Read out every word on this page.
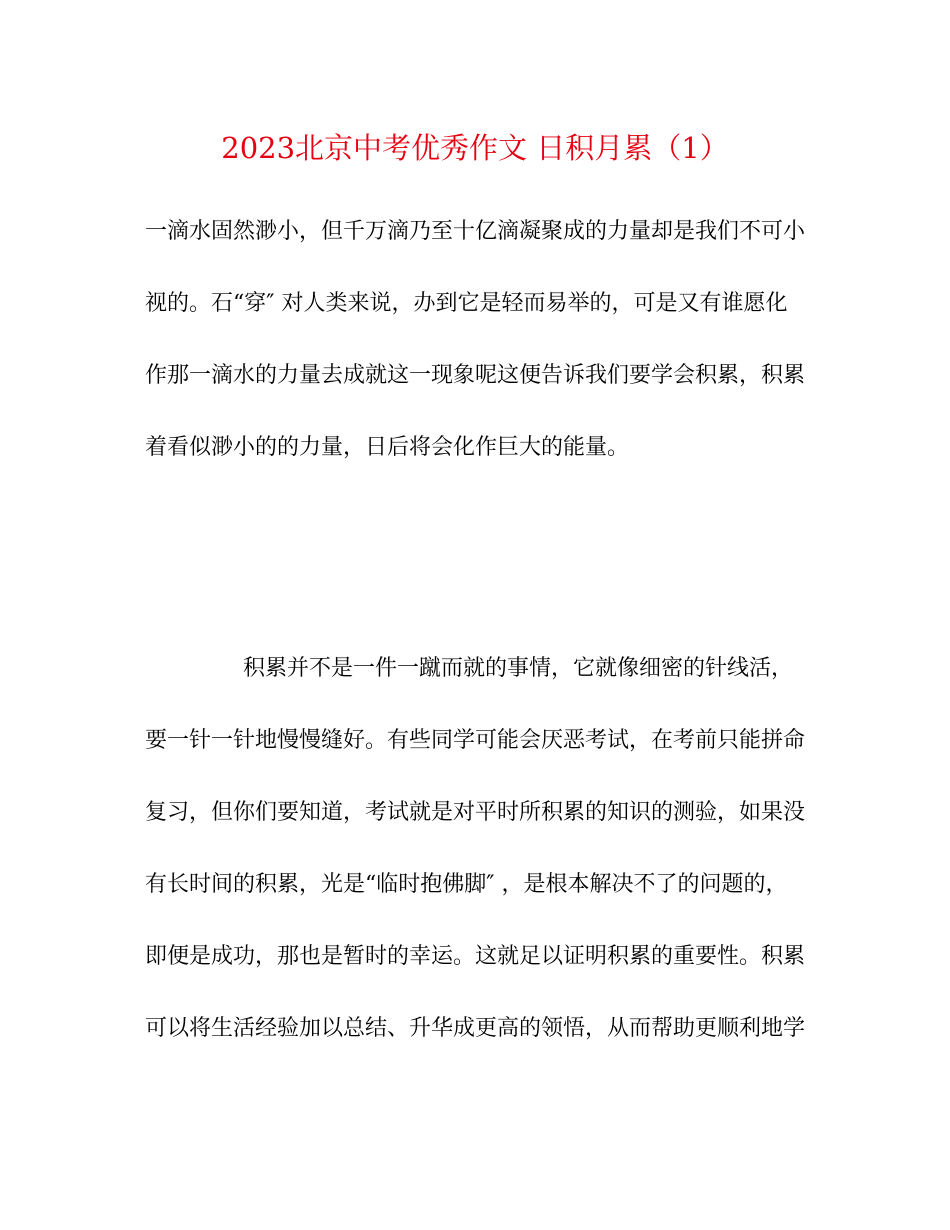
2023北京中考优秀作文 日积月累（1）
一滴水固然渺小，但千万滴乃至十亿滴凝聚成的力量却是我们不可小
视的。石“穿″ 对人类来说，办到它是轻而易举的，可是又有谁愿化
作那一滴水的力量去成就这一现象呢这便告诉我们要学会积累，积累
着看似渺小的的力量，日后将会化作巨大的能量。
积累并不是一件一蹴而就的事情，它就像细密的针线活，
要一针一针地慢慢缝好。有些同学可能会厌恶考试，在考前只能拼命
复习，但你们要知道，考试就是对平时所积累的知识的测验，如果没
有长时间的积累，光是“临时抱佛脚″ ，是根本解决不了的问题的，
即便是成功，那也是暂时的幸运。这就足以证明积累的重要性。积累
可以将生活经验加以总结、升华成更高的领悟，从而帮助更顺利地学
